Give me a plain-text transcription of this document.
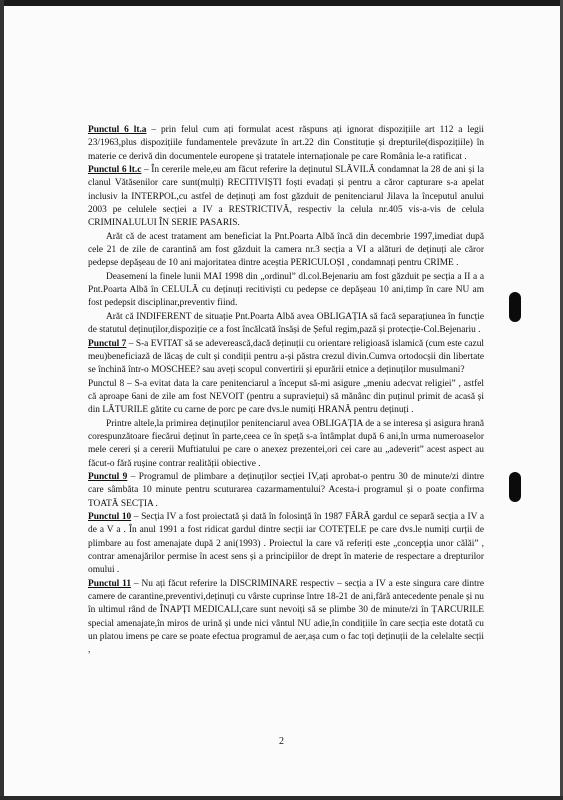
Punctul 6 lt.a – prin felul cum ați formulat acest răspuns ați ignorat dispozițiile art 112 a legii 23/1963,plus dispozițiile fundamentele prevăzute în art.22 din Constituție și drepturile(dispozițiile) în materie ce derivă din documentele europene și tratatele internaționale pe care România le-a ratificat .

Punctul 6 lt.c – În cererile mele,eu am făcut referire la deținutul SLĂVILĂ condamnat la 28 de ani și la clanul Vătăsenilor care sunt(mulți) RECITIVIȘTI foști evadați și pentru a căror capturare s-a apelat inclusiv la INTERPOL,cu astfel de deținuți am fost găzduit de penitenciarul Jilava la începutul anului 2003 pe celulele secției a IV a RESTRICTIVĂ, respectiv la celula nr.405 vis-a-vis de celula CRIMINALULUI ÎN SERIE PASARIS.

Arăt că de acest tratament am beneficiat la Pnt.Poarta Albă încă din decembrie 1997,imediat după cele 21 de zile de carantină am fost găzduit la camera nr.3 secția a VI a alături de deținuți ale căror pedepse depășeau de 10 ani majoritatea dintre aceștia PERICULOȘI , condamnați pentru CRIME .

Deasemeni la finele lunii MAI 1998 din „ordinul” dl.col.Bejenariu am fost găzduit pe secția a II a a Pnt.Poarta Albă în CELULĂ cu deținuți recitiviști cu pedepse ce depășeau 10 ani,timp în care NU am fost pedepsit disciplinar,preventiv fiind.

Arăt că INDIFERENT de situație Pnt.Poarta Albă avea OBLIGAȚIA să facă separațiunea în funcție de statutul deținuților,dispoziție ce a fost încălcată însăși de Șeful regim,pază și protecție-Col.Bejenariu .

Punctul 7 – S-a EVITAT să se adeverească,dacă deținuții cu orientare religioasă islamică (cum este cazul meu)beneficiază de lăcaș de cult și condiții pentru a-și păstra crezul divin.Cumva ortodocșii din libertate se închină într-o MOSCHEE? sau aveți scopul convertirii și epurării etnice a deținuților musulmani?

Punctul 8 – S-a evitat data la care penitenciarul a început să-mi asigure „meniu adecvat religiei” , astfel că aproape 6ani de zile am fost NEVOIT (pentru a supraviețui) să mănânc din puținul primit de acasă și din LĂTURILE gătite cu carne de porc pe care dvs.le numiți HRANĂ pentru deținuți .

Printre altele,la primirea deținuților penitenciarul avea OBLIGAȚIA de a se interesa și asigura hrană corespunzătoare fiecărui deținut în parte,ceea ce în speță s-a întâmplat după 6 ani,în urma numeroaselor mele cereri și a cererii Muftiatului pe care o anexez prezentei,ori cei care au „adeverit” acest aspect au făcut-o fără rușine contrar realității obiective .

Punctul 9 – Programul de plimbare a deținuților secției IV,ați aprobat-o pentru 30 de minute/zi dintre care sâmbăta 10 minute pentru scuturarea cazarmamentului? Acesta-i programul și o poate confirma TOATĂ SECȚIA .

Punctul 10 – Secția IV a fost proiectată și dată în folosință în 1987 FĂRĂ gardul ce separă secția a IV a de a V a . În anul 1991 a fost ridicat gardul dintre secții iar COTEȚELE pe care dvs.le numiți curții de plimbare au fost amenajate după 2 ani(1993) . Proiectul la care vă referiți este „concepția unor călăi” , contrar amenajărilor permise în acest sens și a principiilor de drept în materie de respectare a drepturilor omului .

Punctul 11 – Nu ați făcut referire la DISCRIMINARE respectiv – secția a IV a este singura care dintre camere de carantine,preventivi,deținuți cu vârste cuprinse între 18-21 de ani,fără antecedente penale și nu în ultimul rând de ÎNAPȚI MEDICALI,care sunt nevoiți să se plimbe 30 de minute/zi în ȚARCURILE special amenajate,în miros de urină și unde nici vântul NU adie,în condițiile în care secția este dotată cu un platou imens pe care se poate efectua programul de aer,așa cum o fac toți deținuții de la celelalte secții ,

2
